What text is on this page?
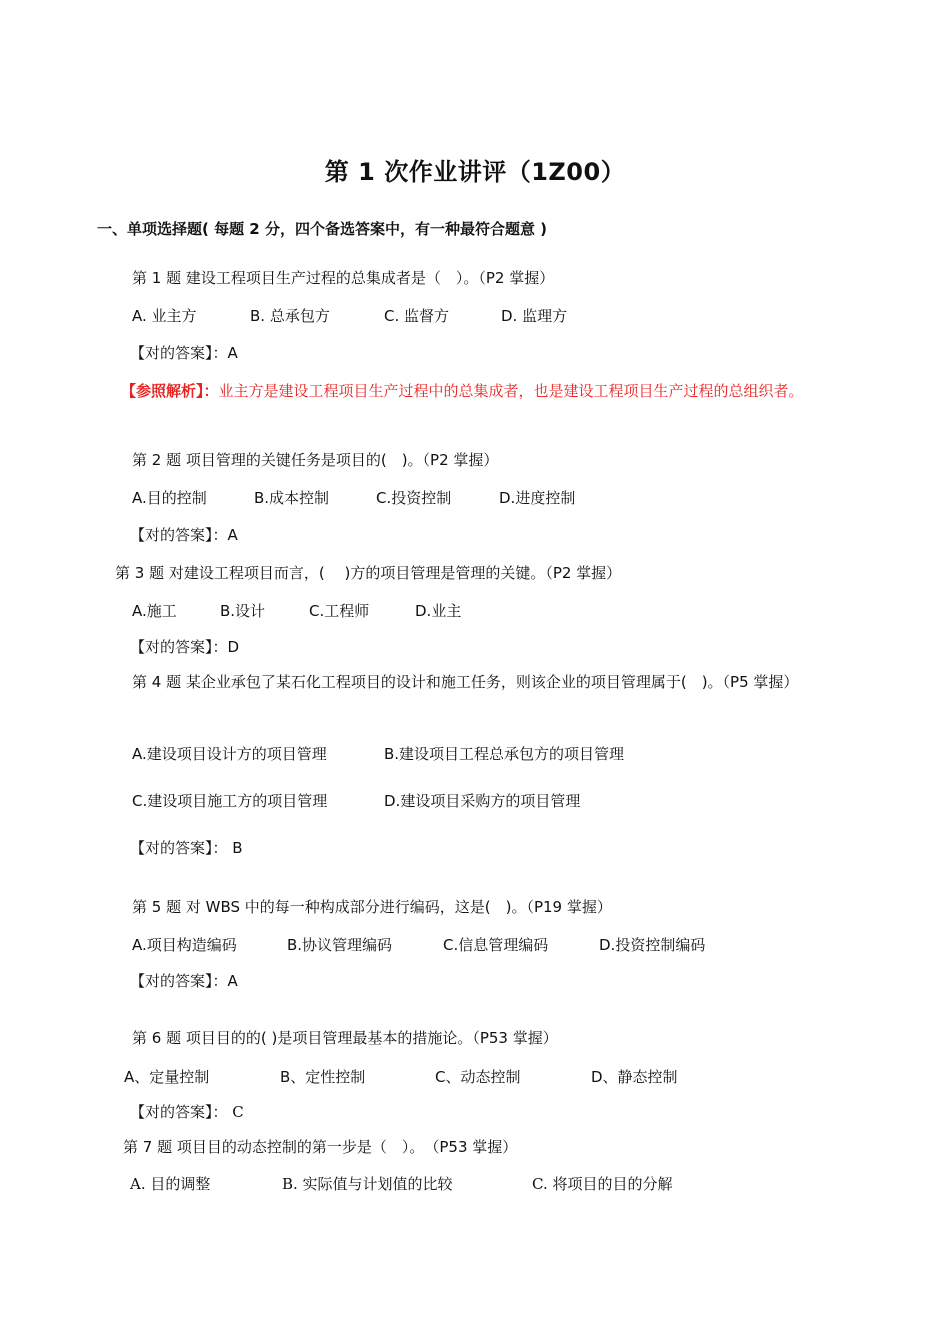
第 1 次作业讲评（1Z00）
一、单项选择题( 每题 2 分，四个备选答案中，有一种最符合题意 )
第 1 题 建设工程项目生产过程的总集成者是（　）。（P2 掌握）
A. 业主方	B. 总承包方	C. 监督方	D. 监理方
【对的答案】：A
【参照解析】：业主方是建设工程项目生产过程中的总集成者，也是建设工程项目生产过程的总组织者。
第 2 题 项目管理的关键任务是项目的(　)。（P2 掌握）
A.目的控制	B.成本控制	C.投资控制	D.进度控制
【对的答案】：A
第 3 题 对建设工程项目而言，(　 )方的项目管理是管理的关键。（P2 掌握）
A.施工	B.设计	C.工程师	D.业主
【对的答案】：D
第 4 题 某企业承包了某石化工程项目的设计和施工任务，则该企业的项目管理属于(　)。（P5 掌握）
A.建设项目设计方的项目管理	B.建设项目工程总承包方的项目管理
C.建设项目施工方的项目管理	D.建设项目采购方的项目管理
【对的答案】： B
第 5 题 对 WBS 中的每一种构成部分进行编码，这是(　)。（P19 掌握）
A.项目构造编码	B.协议管理编码	C.信息管理编码	D.投资控制编码
【对的答案】：A
第 6 题 项目目的的( )是项目管理最基本的措施论。（P53 掌握）
A、定量控制	B、定性控制	C、动态控制	D、静态控制
【对的答案】： C
第 7 题 项目目的动态控制的第一步是（　）。　（P53 掌握）
A. 目的调整	B. 实际值与计划值的比较	C. 将项目的目的分解
